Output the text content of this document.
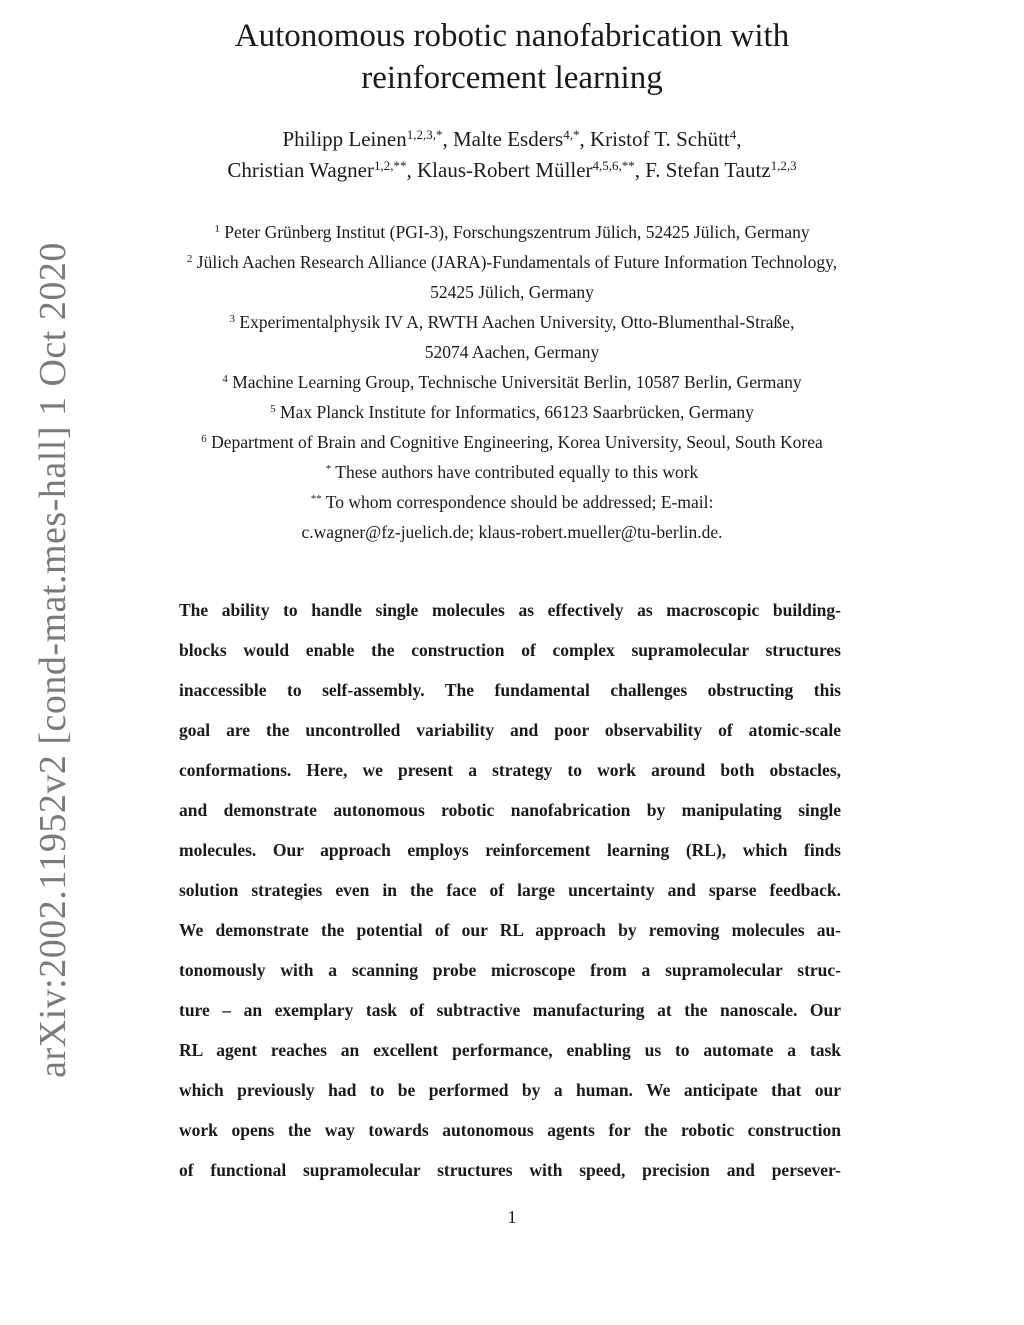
arXiv:2002.11952v2 [cond-mat.mes-hall] 1 Oct 2020
Autonomous robotic nanofabrication with
reinforcement learning
Philipp Leinen$^{1,2,3,*}$, Malte Esders$^{4,*}$, Kristof T. Schütt$^4$,
Christian Wagner$^{1,2,**}$, Klaus-Robert Müller$^{4,5,6,**}$, F. Stefan Tautz$^{1,2,3}$
$^1$ Peter Grünberg Institut (PGI-3), Forschungszentrum Jülich, 52425 Jülich, Germany
$^2$ Jülich Aachen Research Alliance (JARA)-Fundamentals of Future Information Technology,
52425 Jülich, Germany
$^3$ Experimentalphysik IV A, RWTH Aachen University, Otto-Blumenthal-Straße,
52074 Aachen, Germany
$^4$ Machine Learning Group, Technische Universität Berlin, 10587 Berlin, Germany
$^5$ Max Planck Institute for Informatics, 66123 Saarbrücken, Germany
$^6$ Department of Brain and Cognitive Engineering, Korea University, Seoul, South Korea
* These authors have contributed equally to this work
** To whom correspondence should be addressed; E-mail:
c.wagner@fz-juelich.de; klaus-robert.mueller@tu-berlin.de.
The ability to handle single molecules as effectively as macroscopic building-
blocks would enable the construction of complex supramolecular structures
inaccessible to self-assembly. The fundamental challenges obstructing this
goal are the uncontrolled variability and poor observability of atomic-scale
conformations. Here, we present a strategy to work around both obstacles,
and demonstrate autonomous robotic nanofabrication by manipulating single
molecules. Our approach employs reinforcement learning (RL), which finds
solution strategies even in the face of large uncertainty and sparse feedback.
We demonstrate the potential of our RL approach by removing molecules au-
tonomously with a scanning probe microscope from a supramolecular struc-
ture – an exemplary task of subtractive manufacturing at the nanoscale. Our
RL agent reaches an excellent performance, enabling us to automate a task
which previously had to be performed by a human. We anticipate that our
work opens the way towards autonomous agents for the robotic construction
of functional supramolecular structures with speed, precision and persever-
1
